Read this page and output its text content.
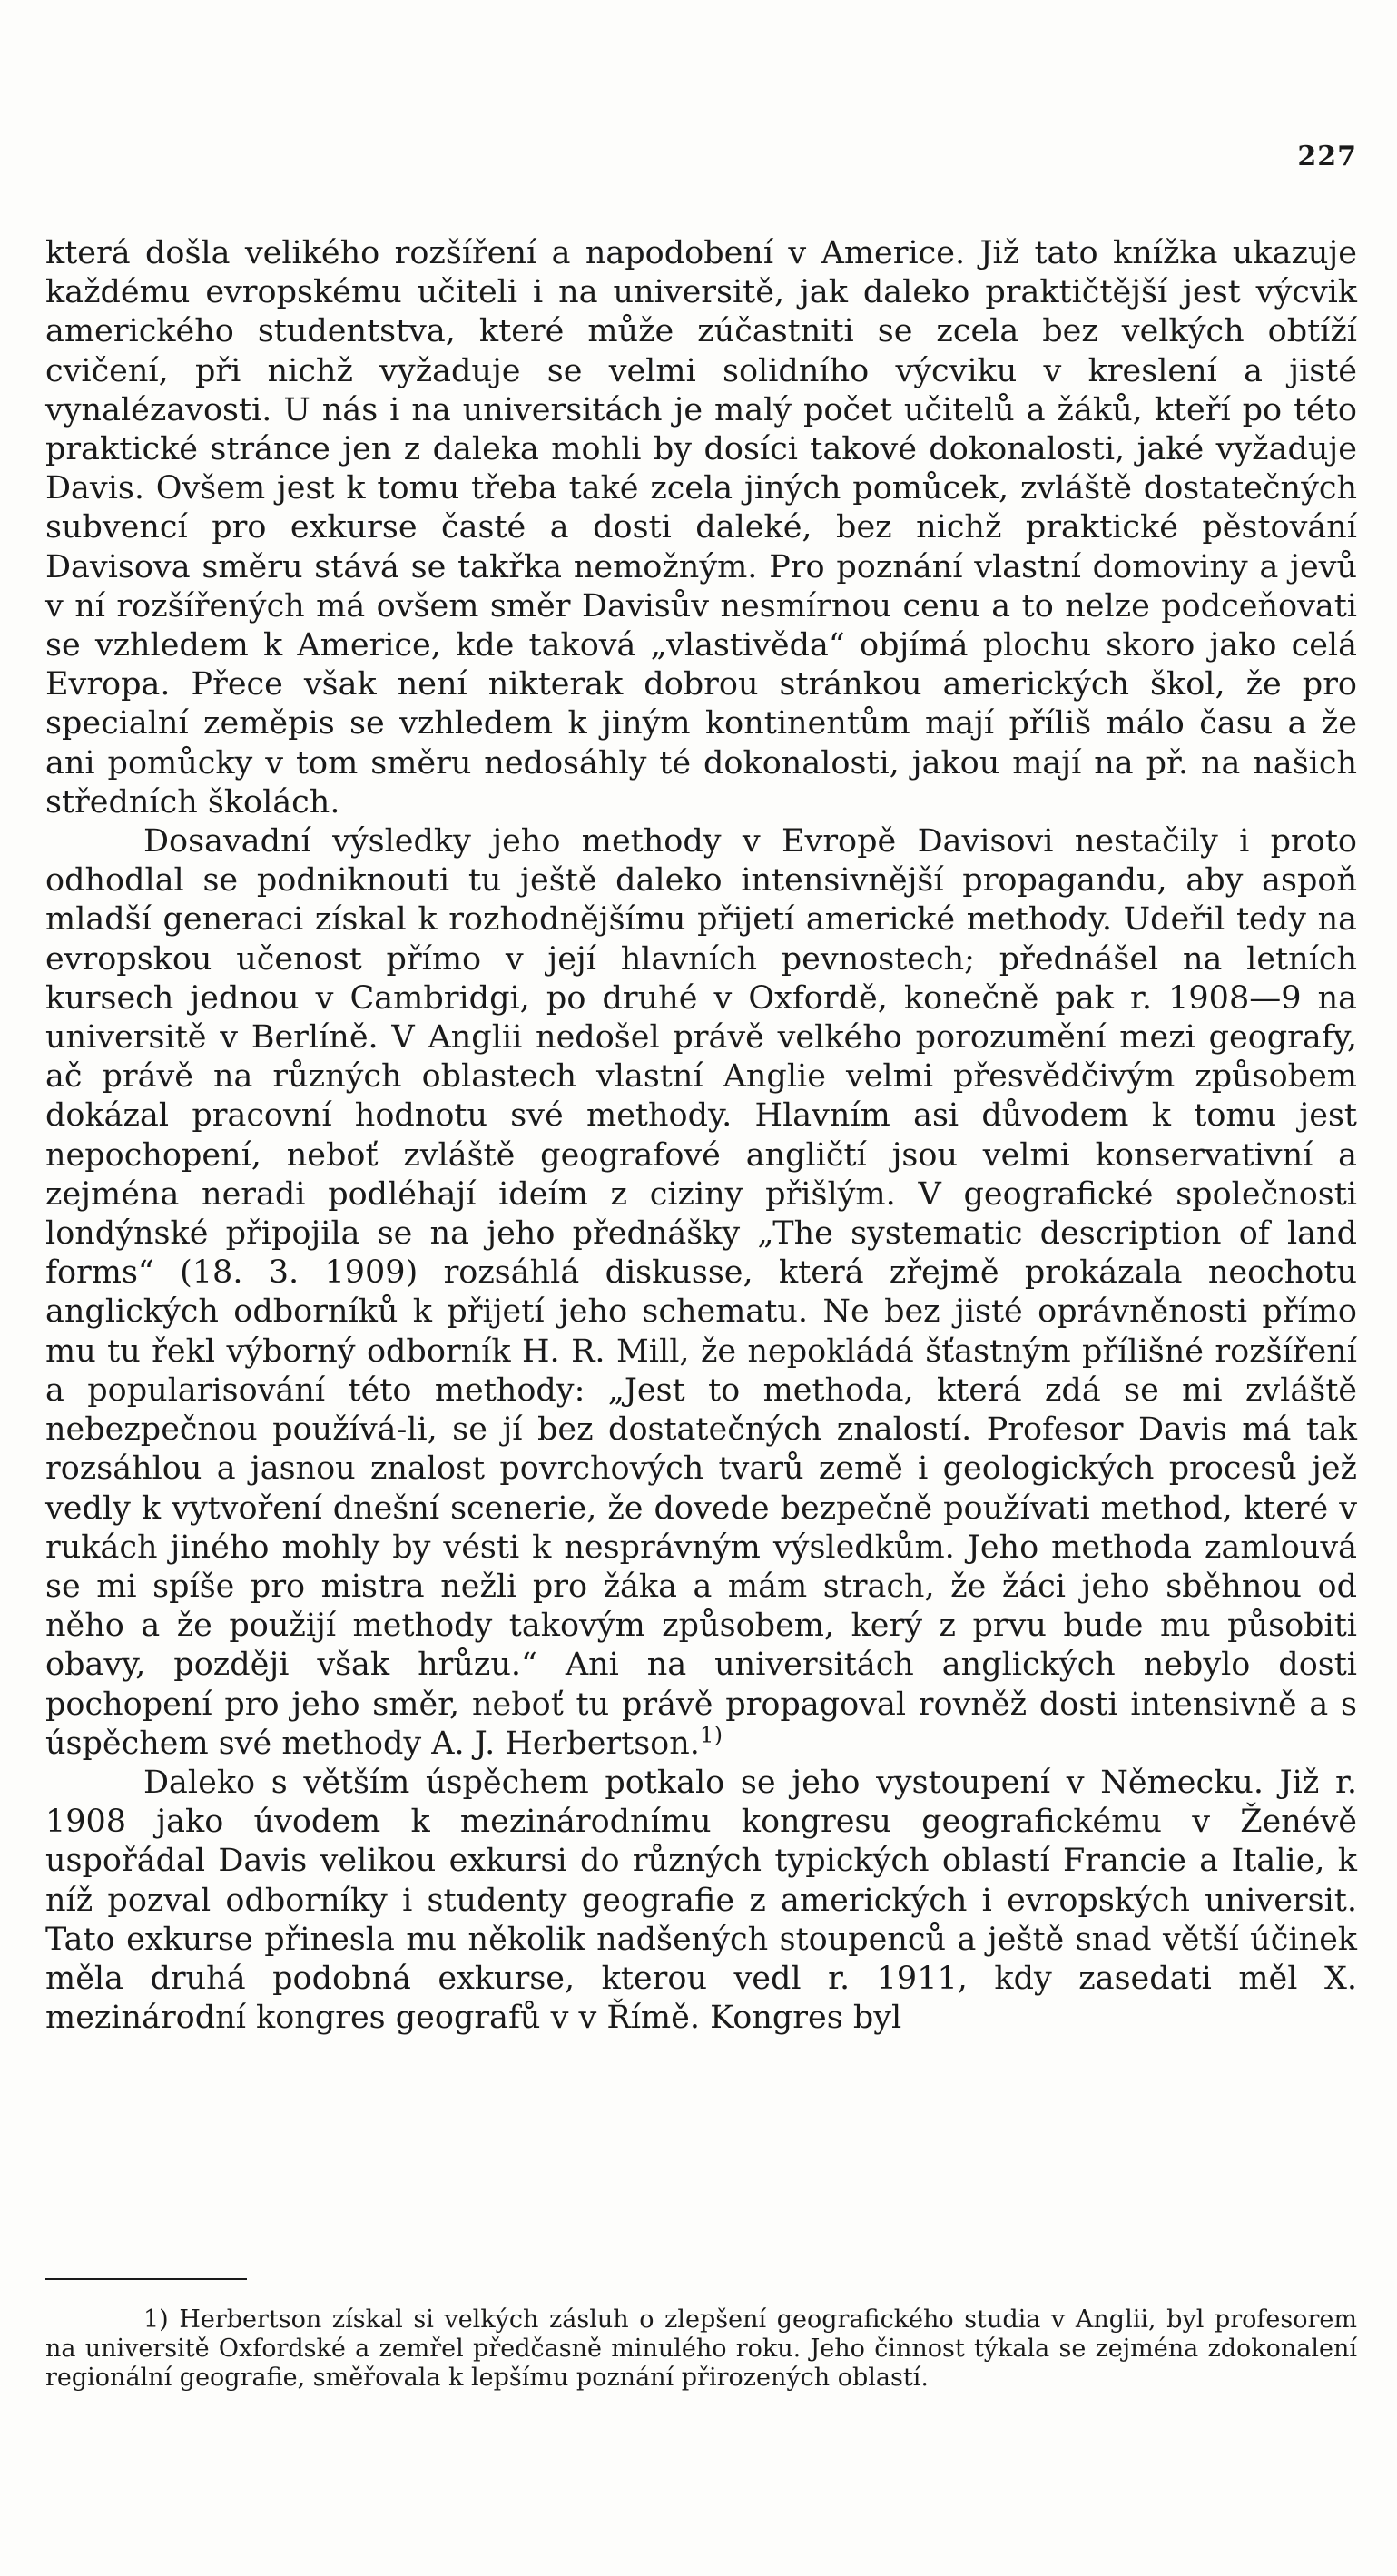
227

která došla velikého rozšíření a napodobení v Americe. Již tato knížka ukazuje každému evropskému učiteli i na universitě, jak daleko praktičtější jest výcvik amerického studentstva, které může zúčastniti se zcela bez velkých obtíží cvičení, při nichž vyžaduje se velmi solidního výcviku v kreslení a jisté vynalézavosti. U nás i na universitách je malý počet učitelů a žáků, kteří po této praktické stránce jen z daleka mohli by dosíci takové dokonalosti, jaké vyžaduje Davis. Ovšem jest k tomu třeba také zcela jiných pomůcek, zvláště dostatečných subvencí pro exkurse časté a dosti daleké, bez nichž praktické pěstování Davisova směru stává se takřka nemožným. Pro poznání vlastní domoviny a jevů v ní rozšířených má ovšem směr Davisův nesmírnou cenu a to nelze podceňovati se vzhledem k Americe, kde taková „vlastivěda“ objímá plochu skoro jako celá Evropa. Přece však není nikterak dobrou stránkou amerických škol, že pro specialní zeměpis se vzhledem k jiným kontinentům mají příliš málo času a že ani pomůcky v tom směru nedosáhly té dokonalosti, jakou mají na př. na našich středních školách.

Dosavadní výsledky jeho methody v Evropě Davisovi nestačily i proto odhodlal se podniknouti tu ještě daleko intensivnější propagandu, aby aspoň mladší generaci získal k rozhodnějšímu přijetí americké methody. Udeřil tedy na evropskou učenost přímo v její hlavních pevnostech; přednášel na letních kursech jednou v Cambridgi, po druhé v Oxfordě, konečně pak r. 1908—9 na universitě v Berlíně. V Anglii nedošel právě velkého porozumění mezi geografy, ač právě na různých oblastech vlastní Anglie velmi přesvědčivým způsobem dokázal pracovní hodnotu své methody. Hlavním asi důvodem k tomu jest nepochopení, neboť zvláště geografové angličtí jsou velmi konservativní a zejména neradi podléhají ideím z ciziny přišlým. V geografické společnosti londýnské připojila se na jeho přednášky „The systematic description of land forms“ (18. 3. 1909) rozsáhlá diskusse, která zřejmě prokázala neochotu anglických odborníků k přijetí jeho schematu. Ne bez jisté oprávněnosti přímo mu tu řekl výborný odborník H. R. Mill, že nepokládá šťastným přílišné rozšíření a popularisování této methody: „Jest to methoda, která zdá se mi zvláště nebezpečnou používá-li, se jí bez dostatečných znalostí. Profesor Davis má tak rozsáhlou a jasnou znalost povrchových tvarů země i geologických procesů jež vedly k vytvoření dnešní scenerie, že dovede bezpečně používati method, které v rukách jiného mohly by vésti k nesprávným výsledkům. Jeho methoda zamlouvá se mi spíše pro mistra nežli pro žáka a mám strach, že žáci jeho sběhnou od něho a že použijí methody takovým způsobem, kerý z prvu bude mu působiti obavy, později však hrůzu.“ Ani na universitách anglických nebylo dosti pochopení pro jeho směr, neboť tu právě propagoval rovněž dosti intensivně a s úspěchem své methody A. J. Herbertson.$^{1)}$

Daleko s větším úspěchem potkalo se jeho vystoupení v Německu. Již r. 1908 jako úvodem k mezinárodnímu kongresu geografickému v Ženévě uspořádal Davis velikou exkursi do různých typických oblastí Francie a Italie, k níž pozval odborníky i studenty geografie z amerických i evropských universit. Tato exkurse přinesla mu několik nadšených stoupenců a ještě snad větší účinek měla druhá podobná exkurse, kterou vedl r. 1911, kdy zasedati měl X. mezinárodní kongres geografů v v Římě. Kongres byl

1) Herbertson získal si velkých zásluh o zlepšení geografického studia v Anglii, byl profesorem na universitě Oxfordské a zemřel předčasně minulého roku. Jeho činnost týkala se zejména zdokonalení regionální geografie, směřovala k lepšímu poznání přirozených oblastí.
